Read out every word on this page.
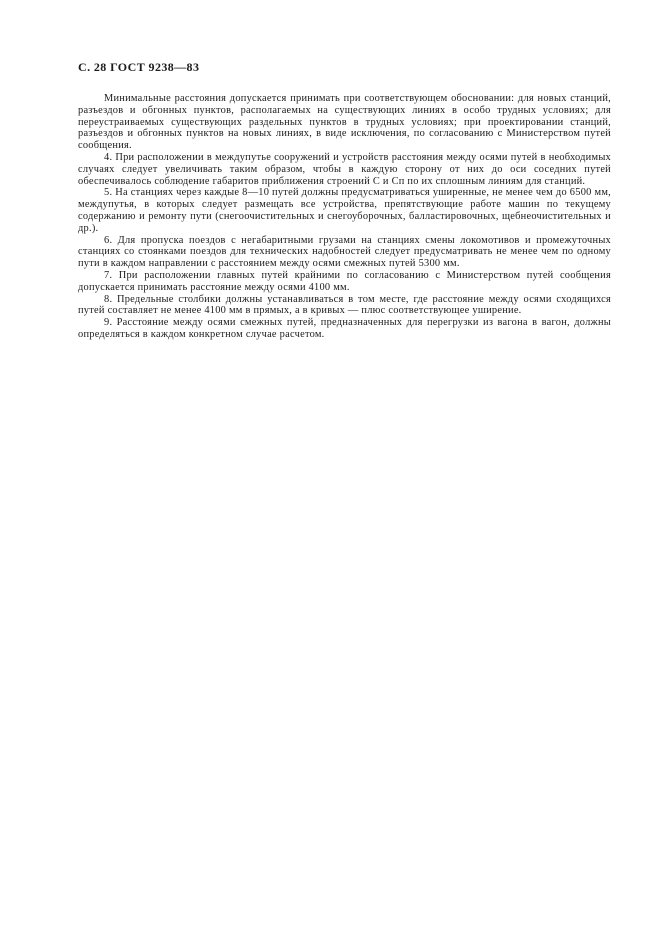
С. 28 ГОСТ 9238—83

Минимальные расстояния допускается принимать при соответствующем обосновании: для новых станций, разъездов и обгонных пунктов, располагаемых на существующих линиях в особо трудных условиях; для переустраиваемых существующих раздельных пунктов в трудных условиях; при проектировании станций, разъездов и обгонных пунктов на новых линиях, в виде исключения, по согласованию с Министерством путей сообщения.

4. При расположении в междупутье сооружений и устройств расстояния между осями путей в необходимых случаях следует увеличивать таким образом, чтобы в каждую сторону от них до оси соседних путей обеспечивалось соблюдение габаритов приближения строений С и Сп по их сплошным линиям для станций.

5. На станциях через каждые 8—10 путей должны предусматриваться уширенные, не менее чем до 6500 мм, междупутья, в которых следует размещать все устройства, препятствующие работе машин по текущему содержанию и ремонту пути (снегоочистительных и снегоуборочных, балластировочных, щебнеочистительных и др.).

6. Для пропуска поездов с негабаритными грузами на станциях смены локомотивов и промежуточных станциях со стоянками поездов для технических надобностей следует предусматривать не менее чем по одному пути в каждом направлении с расстоянием между осями смежных путей 5300 мм.

7. При расположении главных путей крайними по согласованию с Министерством путей сообщения допускается принимать расстояние между осями 4100 мм.

8. Предельные столбики должны устанавливаться в том месте, где расстояние между осями сходящихся путей составляет не менее 4100 мм в прямых, а в кривых — плюс соответствующее уширение.

9. Расстояние между осями смежных путей, предназначенных для перегрузки из вагона в вагон, должны определяться в каждом конкретном случае расчетом.
